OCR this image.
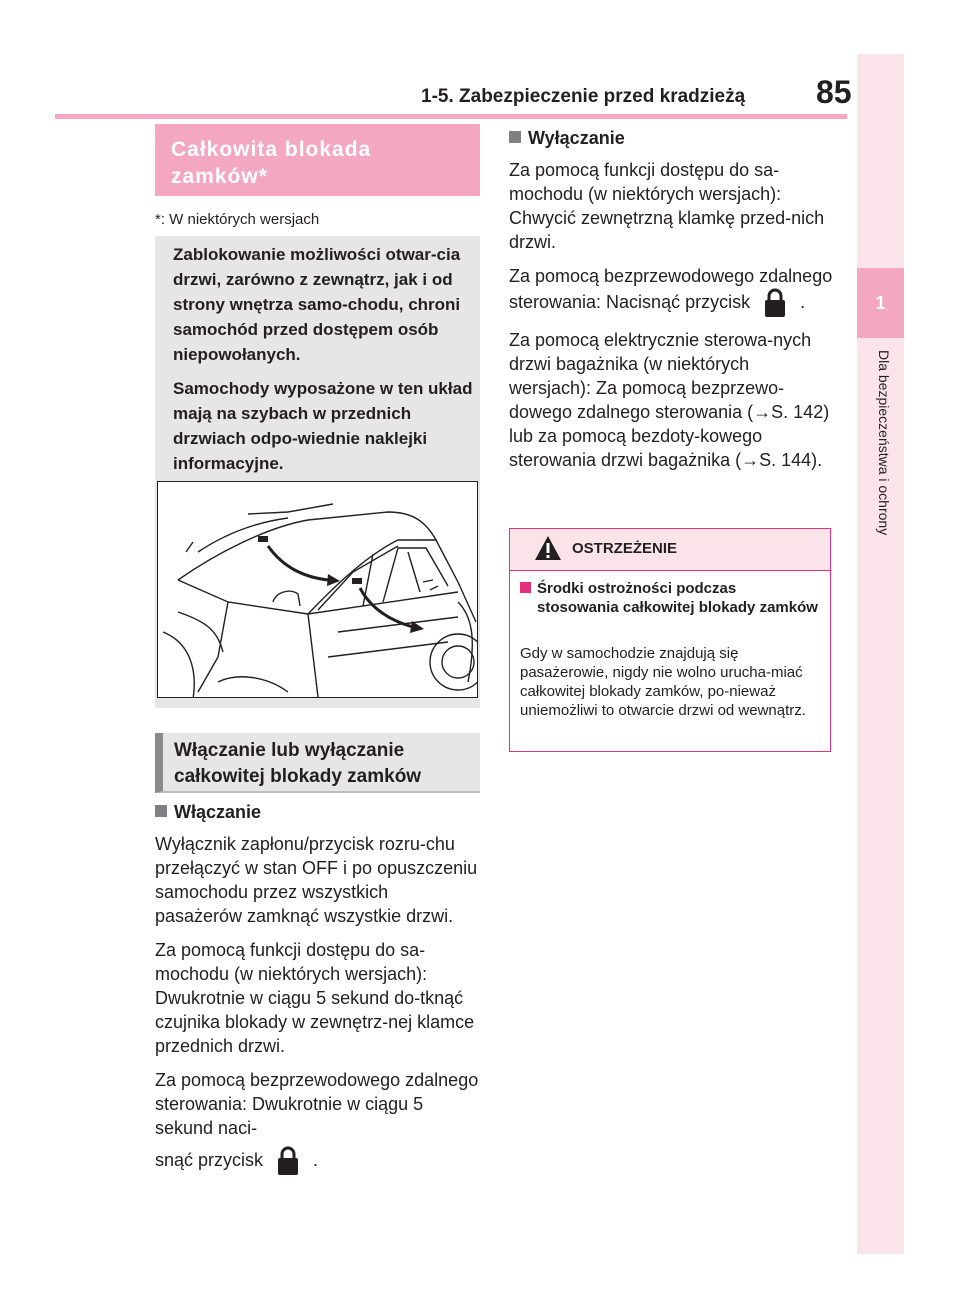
85
1-5. Zabezpieczenie przed kradzieżą
1
Dla bezpieczeństwa i ochrony
Całkowita blokada
zamków*
*: W niektórych wersjach

Zablokowanie możliwości otwar-cia drzwi, zarówno z zewnątrz, jak i od strony wnętrza samo-chodu, chroni samochód przed dostępem osób niepowołanych.

Samochody wyposażone w ten układ mają na szybach w przednich drzwiach odpo-wiednie naklejki informacyjne.

Włączanie lub wyłączanie
całkowitej blokady zamków
Włączanie

Wyłącznik zapłonu/przycisk rozru-chu przełączyć w stan OFF i po opuszczeniu samochodu przez wszystkich pasażerów zamknąć wszystkie drzwi.

Za pomocą funkcji dostępu do sa-mochodu (w niektórych wersjach): Dwukrotnie w ciągu 5 sekund do-tknąć czujnika blokady w zewnętrz-nej klamce przednich drzwi.

Za pomocą bezprzewodowego zdalnego sterowania: Dwukrotnie w ciągu 5 sekund naci-

snąć przycisk	.

Wyłączanie

Za pomocą funkcji dostępu do sa-mochodu (w niektórych wersjach): Chwycić zewnętrzną klamkę przed-nich drzwi.

Za pomocą bezprzewodowego zdalnego sterowania: Nacisnąć przycisk	.

Za pomocą elektrycznie sterowa-nych drzwi bagażnika (w niektórych wersjach): Za pomocą bezprzewo-dowego zdalnego sterowania (→S. 142) lub za pomocą bezdoty-kowego sterowania drzwi bagażnika (→S. 144).

OSTRZEŻENIE
Środki ostrożności podczas stosowania całkowitej blokady zamków
Gdy w samochodzie znajdują się pasażerowie, nigdy nie wolno urucha-miać całkowitej blokady zamków, po-nieważ uniemożliwi to otwarcie drzwi od wewnątrz.
